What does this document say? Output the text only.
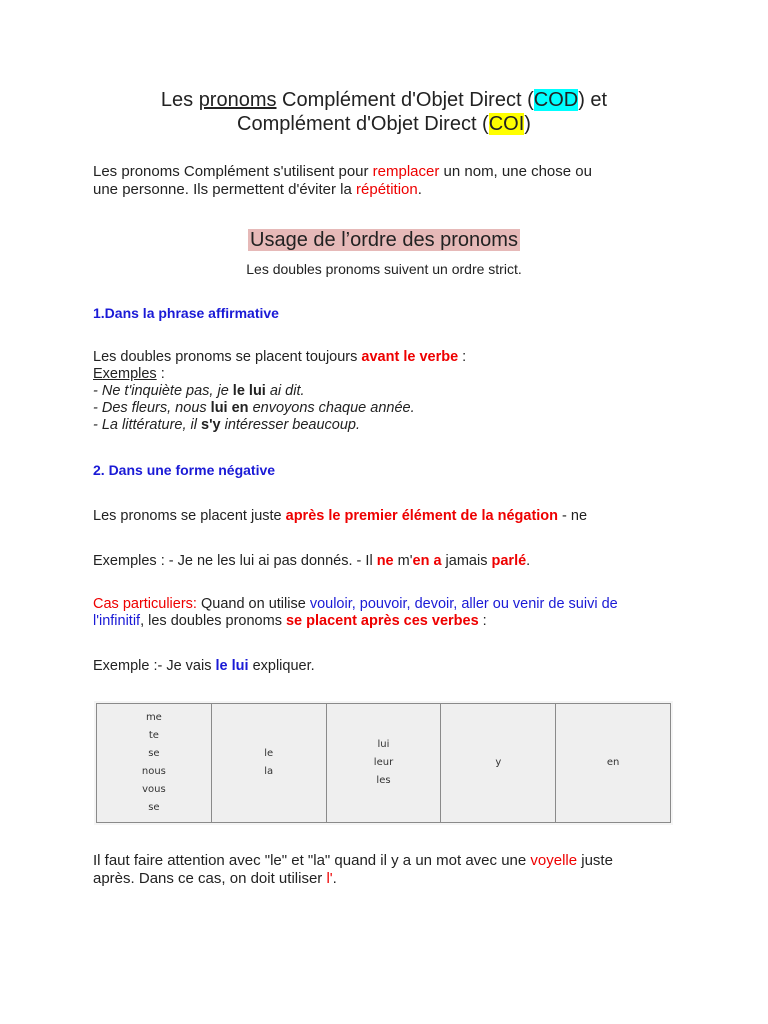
Les pronoms Complément d'Objet Direct (COD) et
Complément d'Objet Direct (COI)
Les pronoms Complément s'utilisent pour remplacer un nom, une chose ou
une personne. Ils permettent d'éviter la répétition.
Usage de l’ordre des pronoms
Les doubles pronoms suivent un ordre strict.
1.Dans la phrase affirmative
Les doubles pronoms se placent toujours avant le verbe :
Exemples :
- Ne t'inquiète pas, je le lui ai dit.
- Des fleurs, nous lui en envoyons chaque année.
- La littérature, il s'y intéresser beaucoup.
2. Dans une forme négative
Les pronoms se placent juste après le premier élément de la négation - ne
Exemples : - Je ne les lui ai pas donnés. - Il ne m'en a jamais parlé.
Cas particuliers: Quand on utilise vouloir, pouvoir, devoir, aller ou venir de suivi de
l'infinitif, les doubles pronoms se placent après ces verbes :
Exemple :- Je vais le lui expliquer.
me
te
se
nous
vous
se

le
la

lui
leur
les

y	en
Il faut faire attention avec "le" et "la" quand il y a un mot avec une voyelle juste
après. Dans ce cas, on doit utiliser l'.
